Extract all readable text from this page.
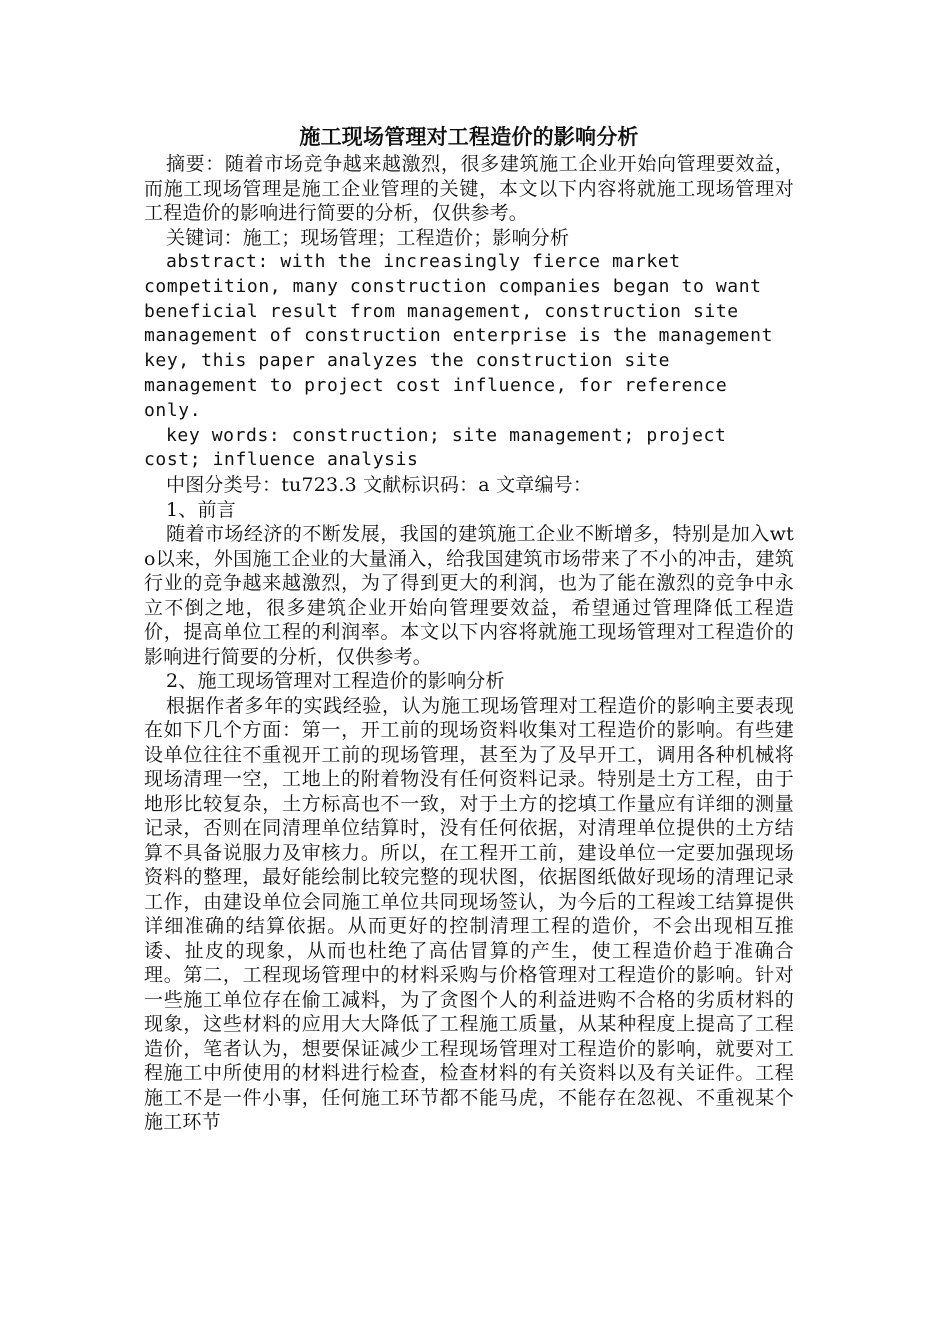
施工现场管理对工程造价的影响分析

摘要：随着市场竞争越来越激烈，很多建筑施工企业开始向管理要效益，而施工现场管理是施工企业管理的关键，本文以下内容将就施工现场管理对工程造价的影响进行简要的分析，仅供参考。

关键词：施工；现场管理；工程造价；影响分析

abstract: with the increasingly fierce market competition, many construction companies began to want beneficial result from management, construction site management of construction enterprise is the management key, this paper analyzes the construction site management to project cost influence, for reference only.

key words: construction; site management; project cost; influence analysis

中图分类号：tu723.3 文献标识码：a 文章编号：

1、前言

随着市场经济的不断发展，我国的建筑施工企业不断增多，特别是加入wto以来，外国施工企业的大量涌入，给我国建筑市场带来了不小的冲击，建筑行业的竞争越来越激烈，为了得到更大的利润，也为了能在激烈的竞争中永立不倒之地，很多建筑企业开始向管理要效益，希望通过管理降低工程造价，提高单位工程的利润率。本文以下内容将就施工现场管理对工程造价的影响进行简要的分析，仅供参考。

2、施工现场管理对工程造价的影响分析

根据作者多年的实践经验，认为施工现场管理对工程造价的影响主要表现在如下几个方面：第一，开工前的现场资料收集对工程造价的影响。有些建设单位往往不重视开工前的现场管理，甚至为了及早开工，调用各种机械将现场清理一空，工地上的附着物没有任何资料记录。特别是土方工程，由于地形比较复杂，土方标高也不一致，对于土方的挖填工作量应有详细的测量记录，否则在同清理单位结算时，没有任何依据，对清理单位提供的土方结算不具备说服力及审核力。所以，在工程开工前，建设单位一定要加强现场资料的整理，最好能绘制比较完整的现状图，依据图纸做好现场的清理记录工作，由建设单位会同施工单位共同现场签认，为今后的工程竣工结算提供详细准确的结算依据。从而更好的控制清理工程的造价，不会出现相互推诿、扯皮的现象，从而也杜绝了高估冒算的产生，使工程造价趋于准确合理。第二，工程现场管理中的材料采购与价格管理对工程造价的影响。针对一些施工单位存在偷工减料，为了贪图个人的利益进购不合格的劣质材料的现象，这些材料的应用大大降低了工程施工质量，从某种程度上提高了工程造价，笔者认为，想要保证减少工程现场管理对工程造价的影响，就要对工程施工中所使用的材料进行检查，检查材料的有关资料以及有关证件。工程施工不是一件小事，任何施工环节都不能马虎，不能存在忽视、不重视某个施工环节
